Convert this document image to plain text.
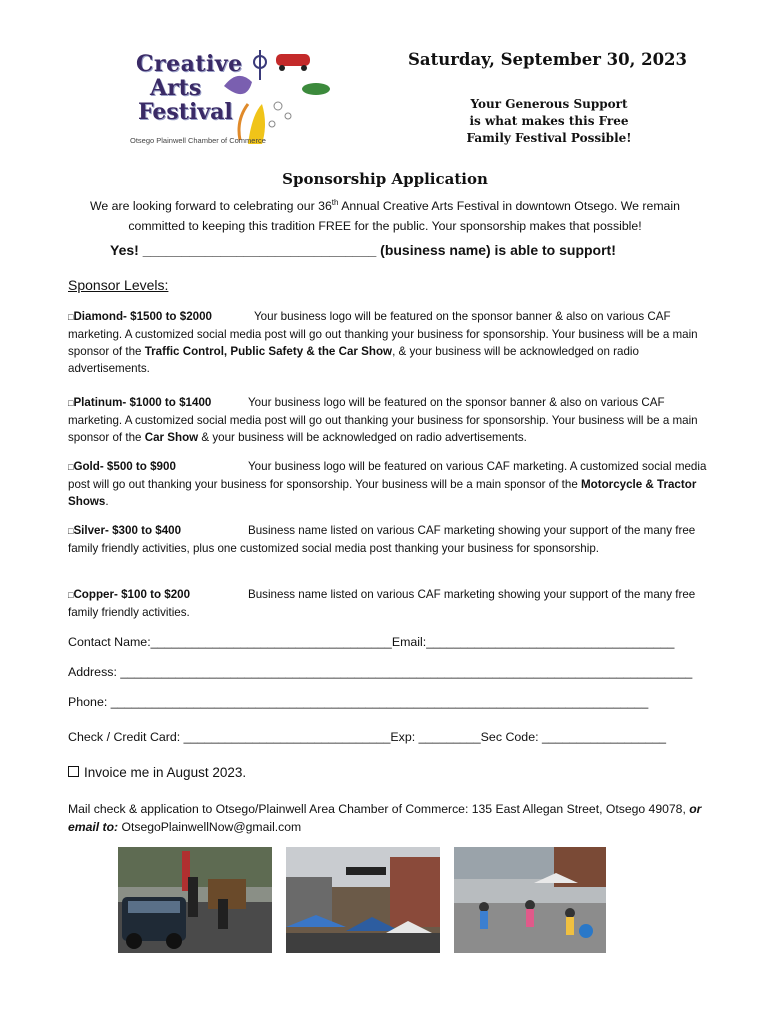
Creative
Arts
Festival
Otsego Plainwell Chamber of Commerce
Saturday, September 30, 2023
Your Generous Support
is what makes this Free
Family Festival Possible!
Sponsorship Application
We are looking forward to celebrating our 36th Annual Creative Arts Festival in downtown Otsego. We remain committed to keeping this tradition FREE for the public. Your sponsorship makes that possible!
Yes! ______________________________ (business name) is able to support!
Sponsor Levels:
□Diamond- $1500 to $2000	Your business logo will be featured on the sponsor banner & also on various CAF marketing. A customized social media post will go out thanking your business for sponsorship. Your business will be a main sponsor of the Traffic Control, Public Safety & the Car Show, & your business will be acknowledged on radio advertisements.
□Platinum- $1000 to $1400	Your business logo will be featured on the sponsor banner & also on various CAF marketing. A customized social media post will go out thanking your business for sponsorship. Your business will be a main sponsor of the Car Show & your business will be acknowledged on radio advertisements.
□Gold- $500 to $900	Your business logo will be featured on various CAF marketing. A customized social media post will go out thanking your business for sponsorship. Your business will be a main sponsor of the Motorcycle & Tractor Shows.
□Silver- $300 to $400	Business name listed on various CAF marketing showing your support of the many free family friendly activities, plus one customized social media post thanking your business for sponsorship.
□Copper- $100 to $200	Business name listed on various CAF marketing showing your support of the many free family friendly activities.
Contact Name:___________________________________Email:____________________________________
Address: ___________________________________________________________________________________
Phone: ______________________________________________________________________________
Check / Credit Card: ______________________________Exp: _________Sec Code: __________________
Invoice me in August 2023.
Mail check & application to Otsego/Plainwell Area Chamber of Commerce: 135 East Allegan Street, Otsego 49078, or email to: OtsegoPlainwellNow@gmail.com
